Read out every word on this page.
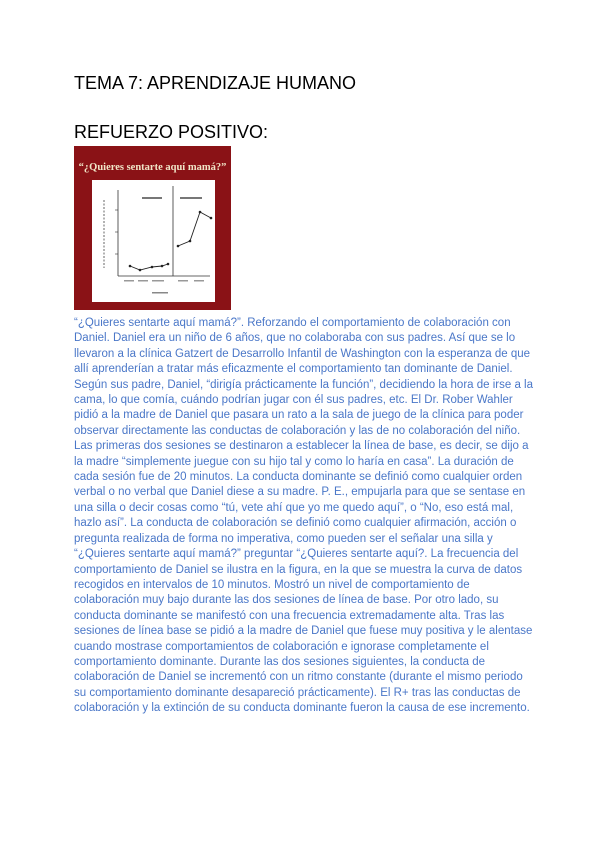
TEMA 7: APRENDIZAJE HUMANO
REFUERZO POSITIVO:
“¿Quieres sentarte aquí mamá?”

“¿Quieres sentarte aquí mamá?”. Reforzando el comportamiento de colaboración con Daniel. Daniel era un niño de 6 años, que no colaboraba con sus padres. Así que se lo llevaron a la clínica Gatzert de Desarrollo Infantil de Washington con la esperanza de que allí aprenderían a tratar más eficazmente el comportamiento tan dominante de Daniel. Según sus padre, Daniel, “dirigía prácticamente la función”, decidiendo la hora de irse a la cama, lo que comía, cuándo podrían jugar con él sus padres, etc. El Dr. Rober Wahler pidió a la madre de Daniel que pasara un rato a la sala de juego de la clínica para poder observar directamente las conductas de colaboración y las de no colaboración del niño. Las primeras dos sesiones se destinaron a establecer la línea de base, es decir, se dijo a la madre “simplemente juegue con su hijo tal y como lo haría en casa”. La duración de cada sesión fue de 20 minutos. La conducta dominante se definió como cualquier orden verbal o no verbal que Daniel diese a su madre. P. E., empujarla para que se sentase en una silla o decir cosas como “tú, vete ahí que yo me quedo aquí”, o “No, eso está mal, hazlo así”. La conducta de colaboración se definió como cualquier afirmación, acción o pregunta realizada de forma no imperativa, como pueden ser el señalar una silla y “¿Quieres sentarte aquí mamá?” preguntar “¿Quieres sentarte aquí?. La frecuencia del comportamiento de Daniel se ilustra en la figura, en la que se muestra la curva de datos recogidos en intervalos de 10 minutos. Mostró un nivel de comportamiento de colaboración muy bajo durante las dos sesiones de línea de base. Por otro lado, su conducta dominante se manifestó con una frecuencia extremadamente alta. Tras las sesiones de línea base se pidió a la madre de Daniel que fuese muy positiva y le alentase cuando mostrase comportamientos de colaboración e ignorase completamente el comportamiento dominante. Durante las dos sesiones siguientes, la conducta de colaboración de Daniel se incrementó con un ritmo constante (durante el mismo periodo su comportamiento dominante desapareció prácticamente). El R+ tras las conductas de colaboración y la extinción de su conducta dominante fueron la causa de ese incremento.
